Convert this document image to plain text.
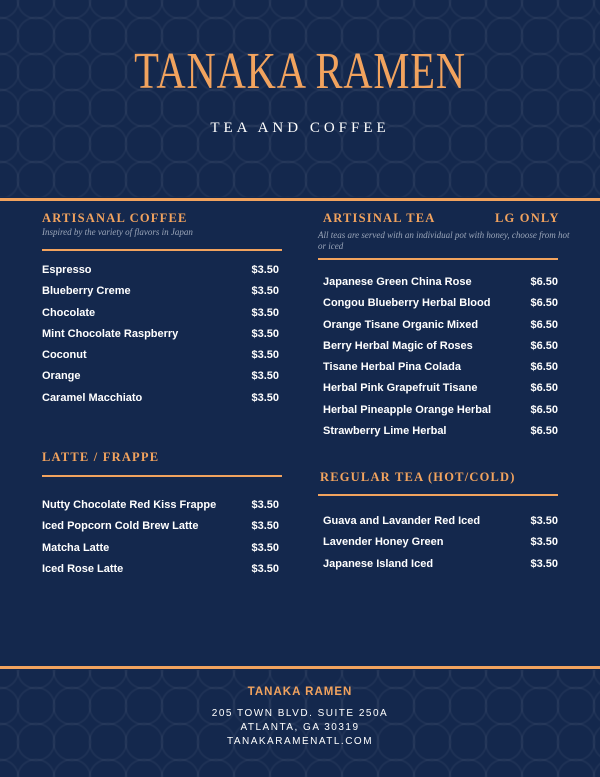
TANAKA RAMEN
TEA AND COFFEE
ARTISANAL COFFEE
Inspired by the variety of flavors in Japan
Espresso	$3.50
Blueberry Creme	$3.50
Chocolate	$3.50
Mint Chocolate Raspberry	$3.50
Coconut	$3.50
Orange	$3.50
Caramel Macchiato	$3.50
LATTE / FRAPPE
Nutty Chocolate Red Kiss Frappe	$3.50
Iced Popcorn Cold Brew Latte	$3.50
Matcha Latte	$3.50
Iced Rose Latte	$3.50
ARTISINAL TEA	LG ONLY
All teas are served with an individual pot with honey, choose from hot or iced
Japanese Green China Rose	$6.50
Congou Blueberry Herbal Blood	$6.50
Orange Tisane Organic Mixed	$6.50
Berry Herbal Magic of Roses	$6.50
Tisane Herbal Pina Colada	$6.50
Herbal Pink Grapefruit Tisane	$6.50
Herbal Pineapple Orange Herbal	$6.50
Strawberry Lime Herbal	$6.50
REGULAR TEA (HOT/COLD)
Guava and Lavander Red Iced	$3.50
Lavender Honey Green	$3.50
Japanese Island Iced	$3.50
TANAKA RAMEN
205 TOWN BLVD. SUITE 250A
ATLANTA, GA 30319
TANAKARAMENATL.COM
